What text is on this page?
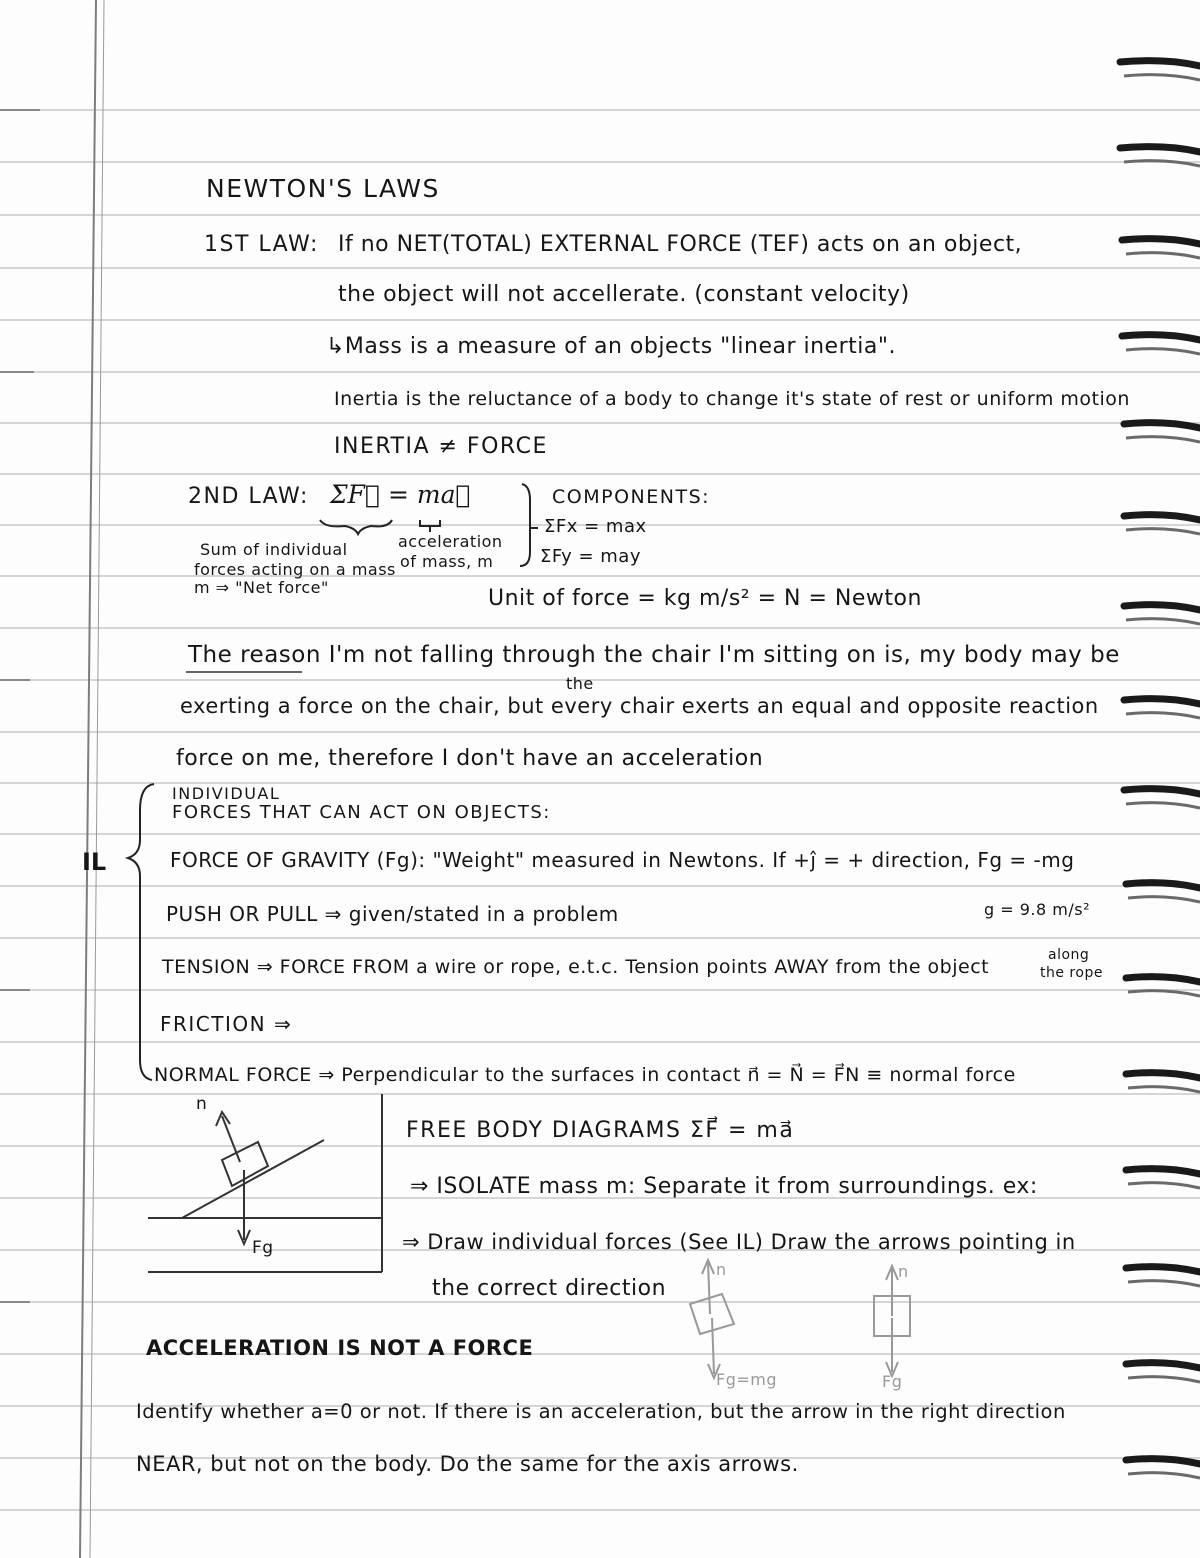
NEWTON'S LAWS
1ST LAW: If no NET(TOTAL) EXTERNAL FORCE (TEF) acts on an object,
the object will not accellerate. (constant velocity)
↳Mass is a measure of an objects "linear inertia".
Inertia is the reluctance of a body to change it's state of rest or uniform motion
INERTIA ≠ FORCE
2ND LAW: ΣF⃗ = ma⃗
Sum of individual
forces acting on a mass
m ⇒ "Net force"
acceleration
of mass, m
COMPONENTS:
ΣFx = max
ΣFy = may
Unit of force = kg m/s² = N = Newton
The reason I'm not falling through the chair I'm sitting on is, my body may be
the
exerting a force on the chair, but every chair exerts an equal and opposite reaction
force on me, therefore I don't have an acceleration
IL
INDIVIDUAL
FORCES THAT CAN ACT ON OBJECTS:
FORCE OF GRAVITY (Fg): "Weight" measured in Newtons. If +ĵ = + direction, Fg = -mg
g = 9.8 m/s²
PUSH OR PULL ⇒ given/stated in a problem
TENSION ⇒ FORCE FROM a wire or rope, e.t.c. Tension points AWAY from the object
along
the rope
FRICTION ⇒
NORMAL FORCE ⇒ Perpendicular to the surfaces in contact n⃗ = N⃗ = F⃗N ≡ normal force
n
Fg
FREE BODY DIAGRAMS ΣF⃗ = ma⃗
⇒ ISOLATE mass m: Separate it from surroundings. ex:
⇒ Draw individual forces (See IL) Draw the arrows pointing in
the correct direction
n
Fg=mg
n
Fg
ACCELERATION IS NOT A FORCE
Identify whether a=0 or not. If there is an acceleration, but the arrow in the right direction
NEAR, but not on the body. Do the same for the axis arrows.
